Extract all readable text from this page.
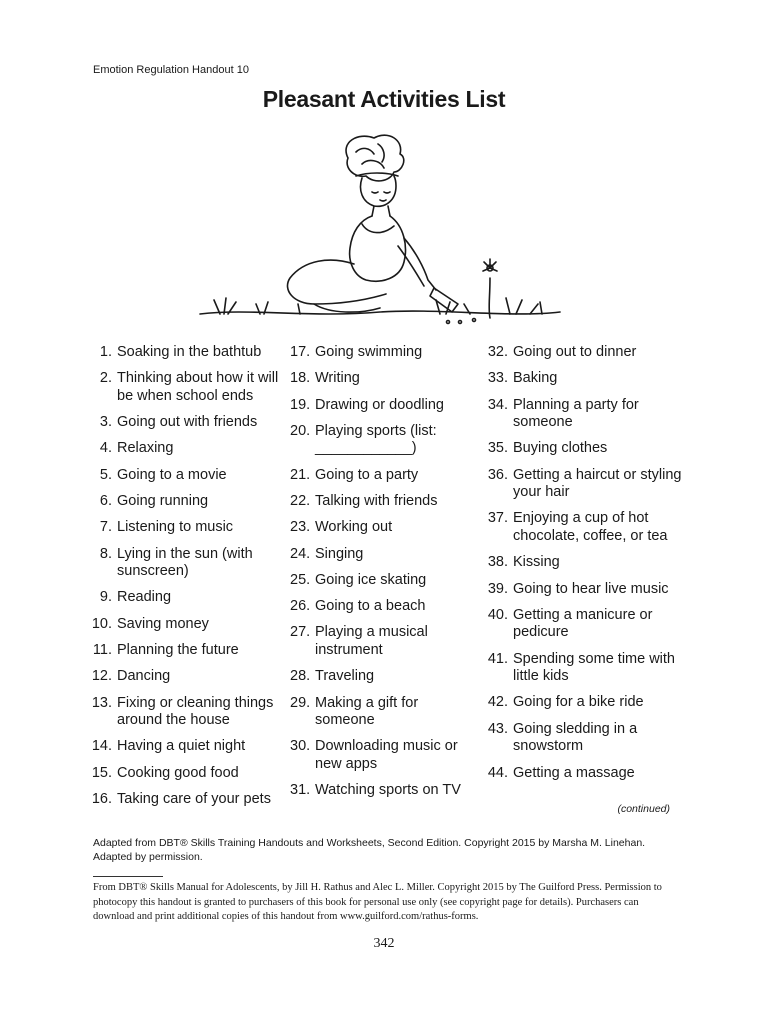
Emotion Regulation Handout 10
Pleasant Activities List
1. Soaking in the bathtub
2. Thinking about how it will be when school ends
3. Going out with friends
4. Relaxing
5. Going to a movie
6. Going running
7. Listening to music
8. Lying in the sun (with sunscreen)
9. Reading
10. Saving money
11. Planning the future
12. Dancing
13. Fixing or cleaning things around the house
14. Having a quiet night
15. Cooking good food
16. Taking care of your pets
17. Going swimming
18. Writing
19. Drawing or doodling
20. Playing sports (list: ____________)
21. Going to a party
22. Talking with friends
23. Working out
24. Singing
25. Going ice skating
26. Going to a beach
27. Playing a musical instrument
28. Traveling
29. Making a gift for someone
30. Downloading music or new apps
31. Watching sports on TV
32. Going out to dinner
33. Baking
34. Planning a party for someone
35. Buying clothes
36. Getting a haircut or styling your hair
37. Enjoying a cup of hot chocolate, coffee, or tea
38. Kissing
39. Going to hear live music
40. Getting a manicure or pedicure
41. Spending some time with little kids
42. Going for a bike ride
43. Going sledding in a snowstorm
44. Getting a massage
(continued)
Adapted from DBT® Skills Training Handouts and Worksheets, Second Edition. Copyright 2015 by Marsha M. Linehan. Adapted by permission.
From DBT® Skills Manual for Adolescents, by Jill H. Rathus and Alec L. Miller. Copyright 2015 by The Guilford Press. Permission to photocopy this handout is granted to purchasers of this book for personal use only (see copyright page for details). Purchasers can download and print additional copies of this handout from www.guilford.com/rathus-forms.
342
